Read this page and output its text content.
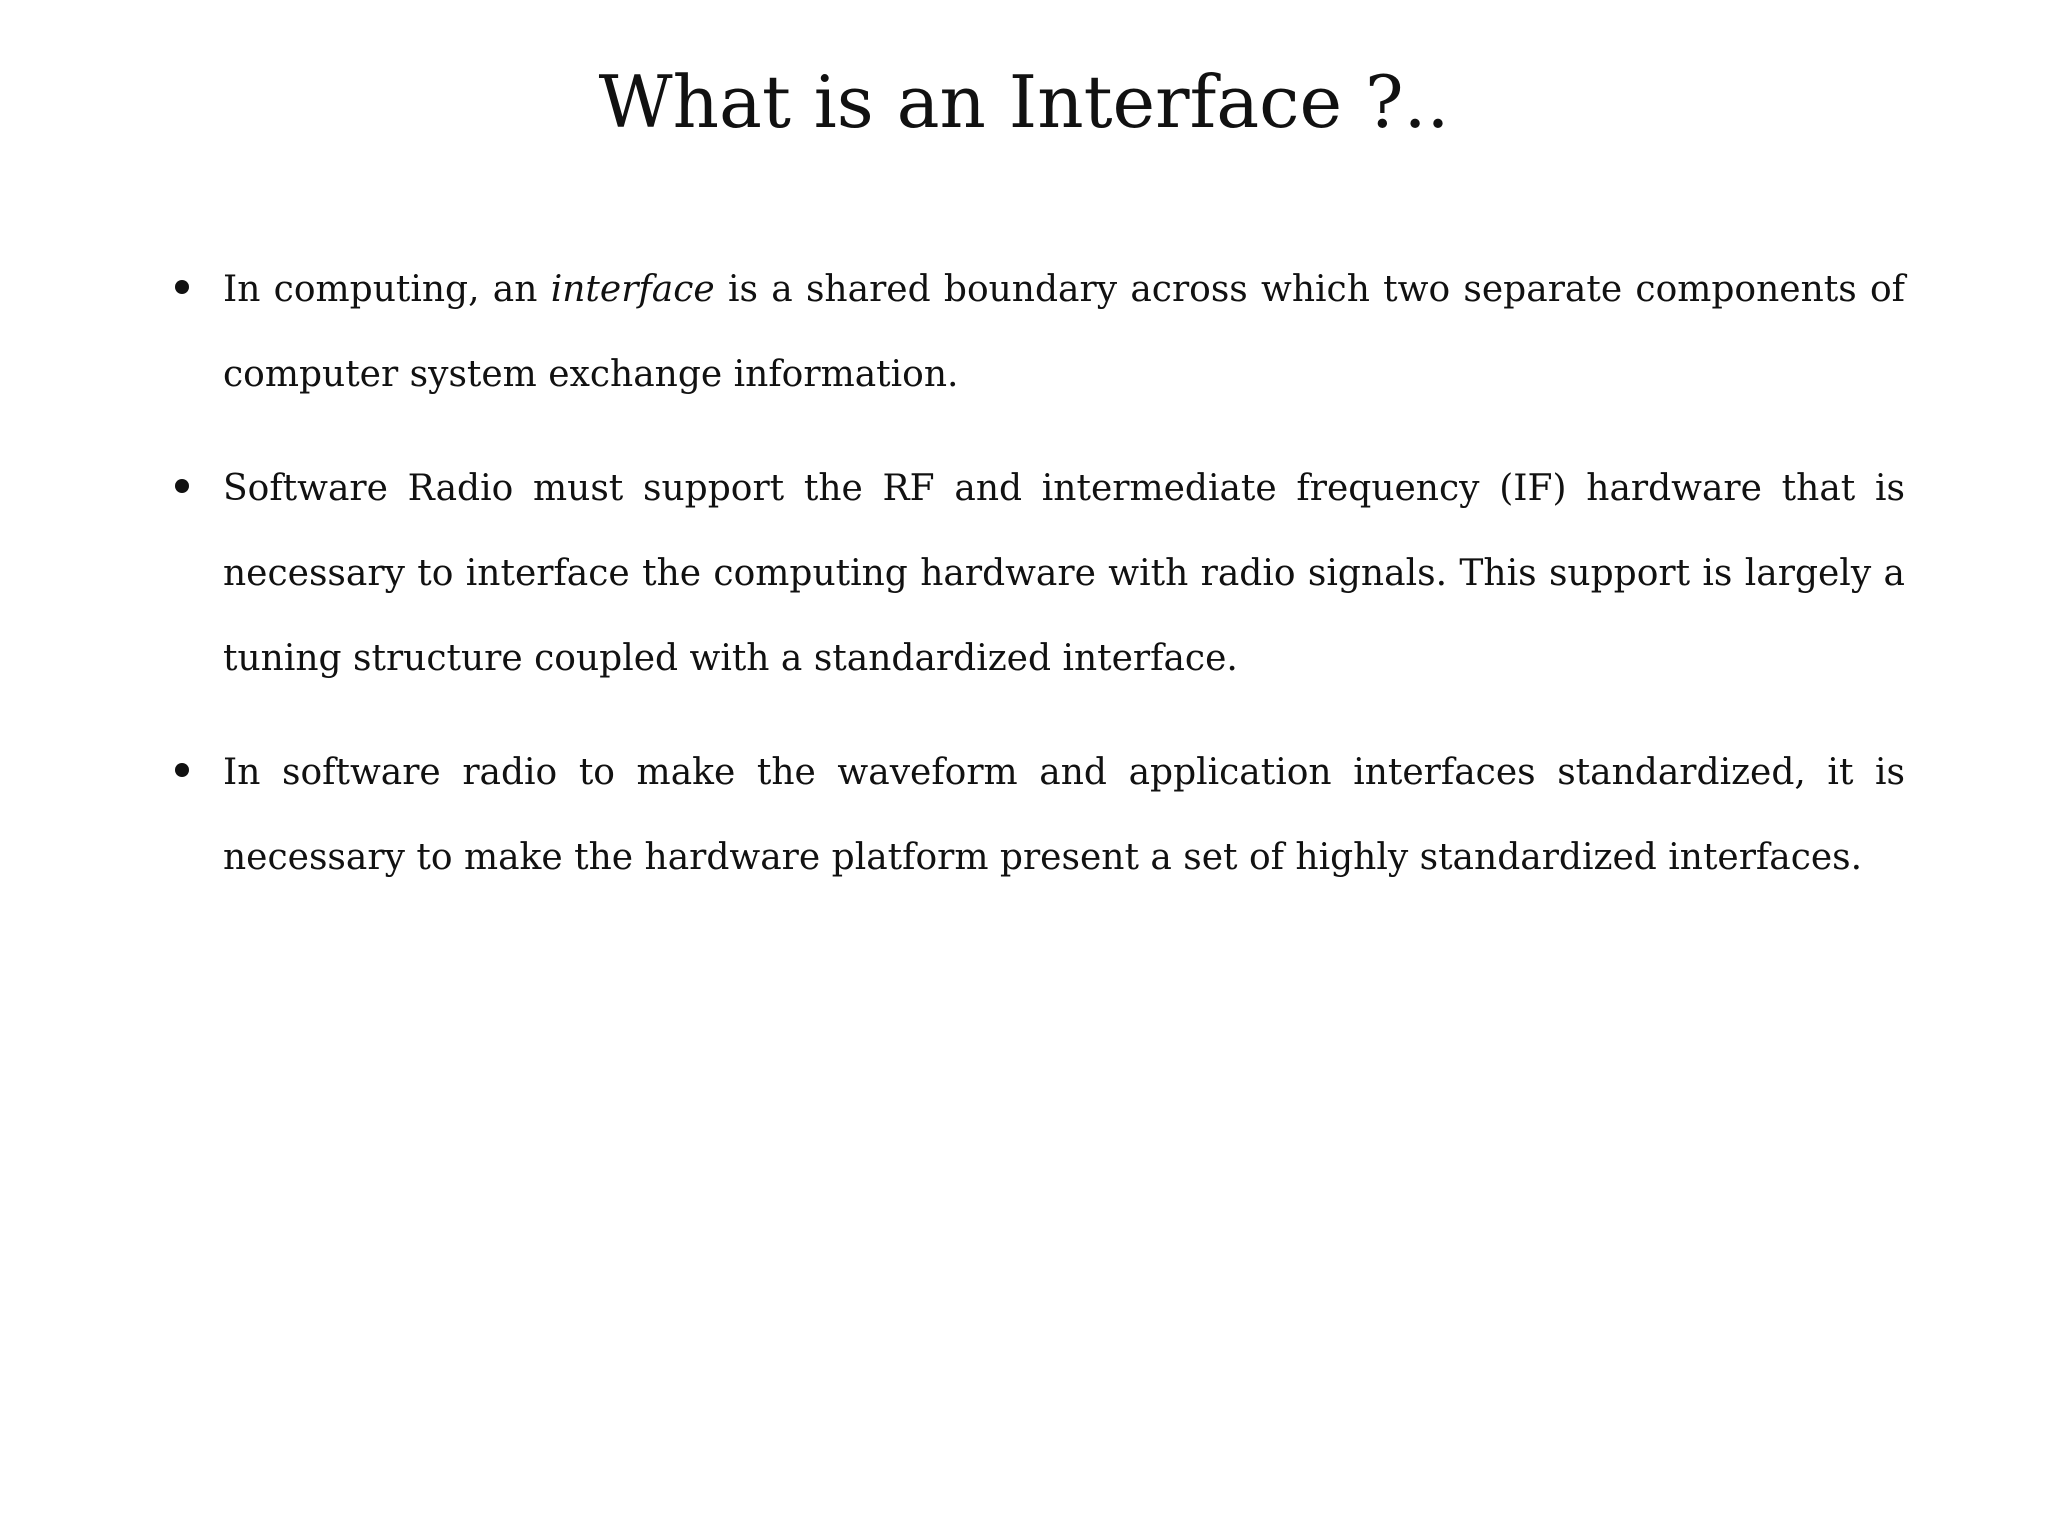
What is an Interface ?..
In computing, an interface is a shared boundary across which two separate components of computer system exchange information.
Software Radio must support the RF and intermediate frequency (IF) hardware that is necessary to interface the computing hardware with radio signals. This support is largely a tuning structure coupled with a standardized interface.
In software radio to make the waveform and application interfaces standardized, it is necessary to make the hardware platform present a set of highly standardized interfaces.
